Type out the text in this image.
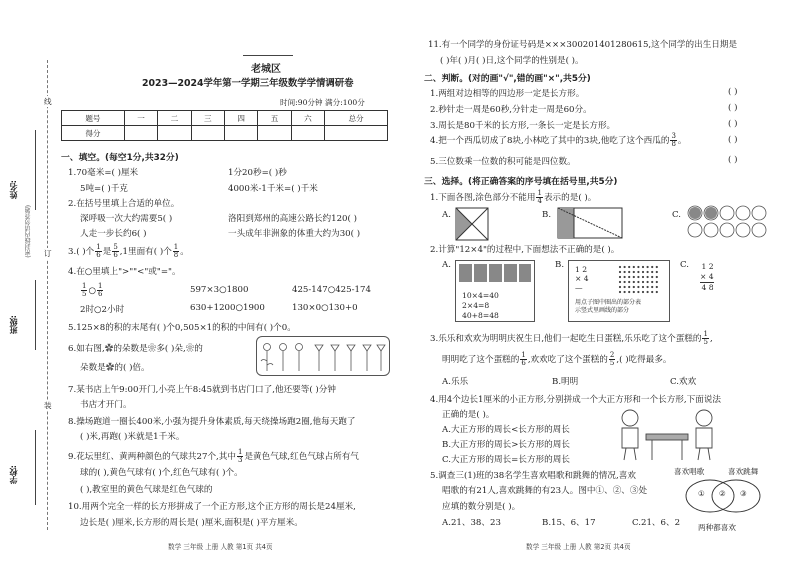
姓名:
班级:
学校:
(密封线内请勿答题)
线
订
装
老城区
2023—2024学年第一学期三年级数学学情调研卷
时间:90分钟 满分:100分
题号	一	二	三	四	五	六	总分
得分							
一、填空。(每空1分,共32分)
1.70毫米=( )厘米	1分20秒=( )秒
5吨=( )千克	4000米-1千米=( )千米
2.在括号里填上合适的单位。
深呼吸一次大约需要5( )	洛阳到郑州的高速公路长约120( )
人走一步长约6( )	一头成年非洲象的体重大约为30( )
3.( )个 $\frac{1}{6}$ 是 $\frac{5}{6} ,1$里面有( )个 $\frac{1}{8}$ 。
4.在○里填上">""<"或"="。
$\frac{1}{5}$ ○ $\frac{1}{6}$	597×3○1800	425-147○425-174
2时○2小时	630+1200○1900	130×0○130+0
5.125×8的积的末尾有( )个0,505×1的积的中间有( )个0。
6.如右图,✿的朵数是❀多( )朵,❀的
朵数是✿的( )倍。
7.某书店上午9:00开门,小亮上午8:45就到书店门口了,他还要等( )分钟
书店才开门。
8.操场跑道一圈长400米,小强为提升身体素质,每天绕操场跑2圈,他每天跑了
( )米,再跑( )米就是1千米。
9.花坛里红、黄两种颜色的气球共27个,其中 $\frac{1}{3}$ 是黄色气球,红色气球占所有气
球的( ),黄色气球有( )个,红色气球有( )个。
( ),教室里的黄色气球是红色气球的
10.用两个完全一样的长方形拼成了一个正方形,这个正方形的周长是24厘米,
边长是( )厘米,长方形的周长是( )厘米,面积是( )平方厘米。
数学 三年级 上册 人教 第1页 共4页
11.有一个同学的身份证号码是×××300201401280615,这个同学的出生日期是
( )年( )月( )日,这个同学的性别是( )。
二、判断。(对的画"√",错的画"×",共5分)
1.两组对边相等的四边形一定是长方形。	( )
2.秒针走一周是60秒,分针走一周是60分。	( )
3.周长是80千米的长方形,一条长一定是长方形。	( )
4.把一个西瓜切成了8块,小林吃了其中的3块,他吃了这个西瓜的 $\frac{3}{8}$ 。	( )
5.三位数乘一位数的积可能是四位数。	( )
三、选择。(将正确答案的序号填在括号里,共5分)
1.下面各图,涂色部分不能用 $\frac{1}{4}$ 表示的是( )。
A.	B.	C.
2.计算"12×4"的过程中,下面想法不正确的是( )。
A.
10×4=40
2×4=8
40+8=48
B. 1 2
× 4
—
用点子图中圈出的部分表
示竖式里画线的部分
C. 1 2
× 4
4 8
3.乐乐和欢欢为明明庆祝生日,他们一起吃生日蛋糕,乐乐吃了这个蛋糕的 $\frac{1}{5}$ ,
明明吃了这个蛋糕的 $\frac{1}{6}$ ,欢欢吃了这个蛋糕的 $\frac{2}{5}$ ,( )吃得最多。
A.乐乐	B.明明	C.欢欢
4.用4个边长1厘米的小正方形,分别拼成一个大正方形和一个长方形,下面说法
正确的是( )。
A.大正方形的周长<长方形的周长
B.大正方形的周长>长方形的周长
C.大正方形的周长=长方形的周长
5.调查三(1)班的38名学生喜欢唱歌和跳舞的情况,喜欢
唱歌的有21人,喜欢跳舞的有23人。图中①、②、③处
应填的数分别是( )。
A.21、38、23	B.15、6、17	C.21、6、2
喜欢唱歌	喜欢跳舞
① ② ③
两种都喜欢
数学 三年级 上册 人教 第2页 共4页
